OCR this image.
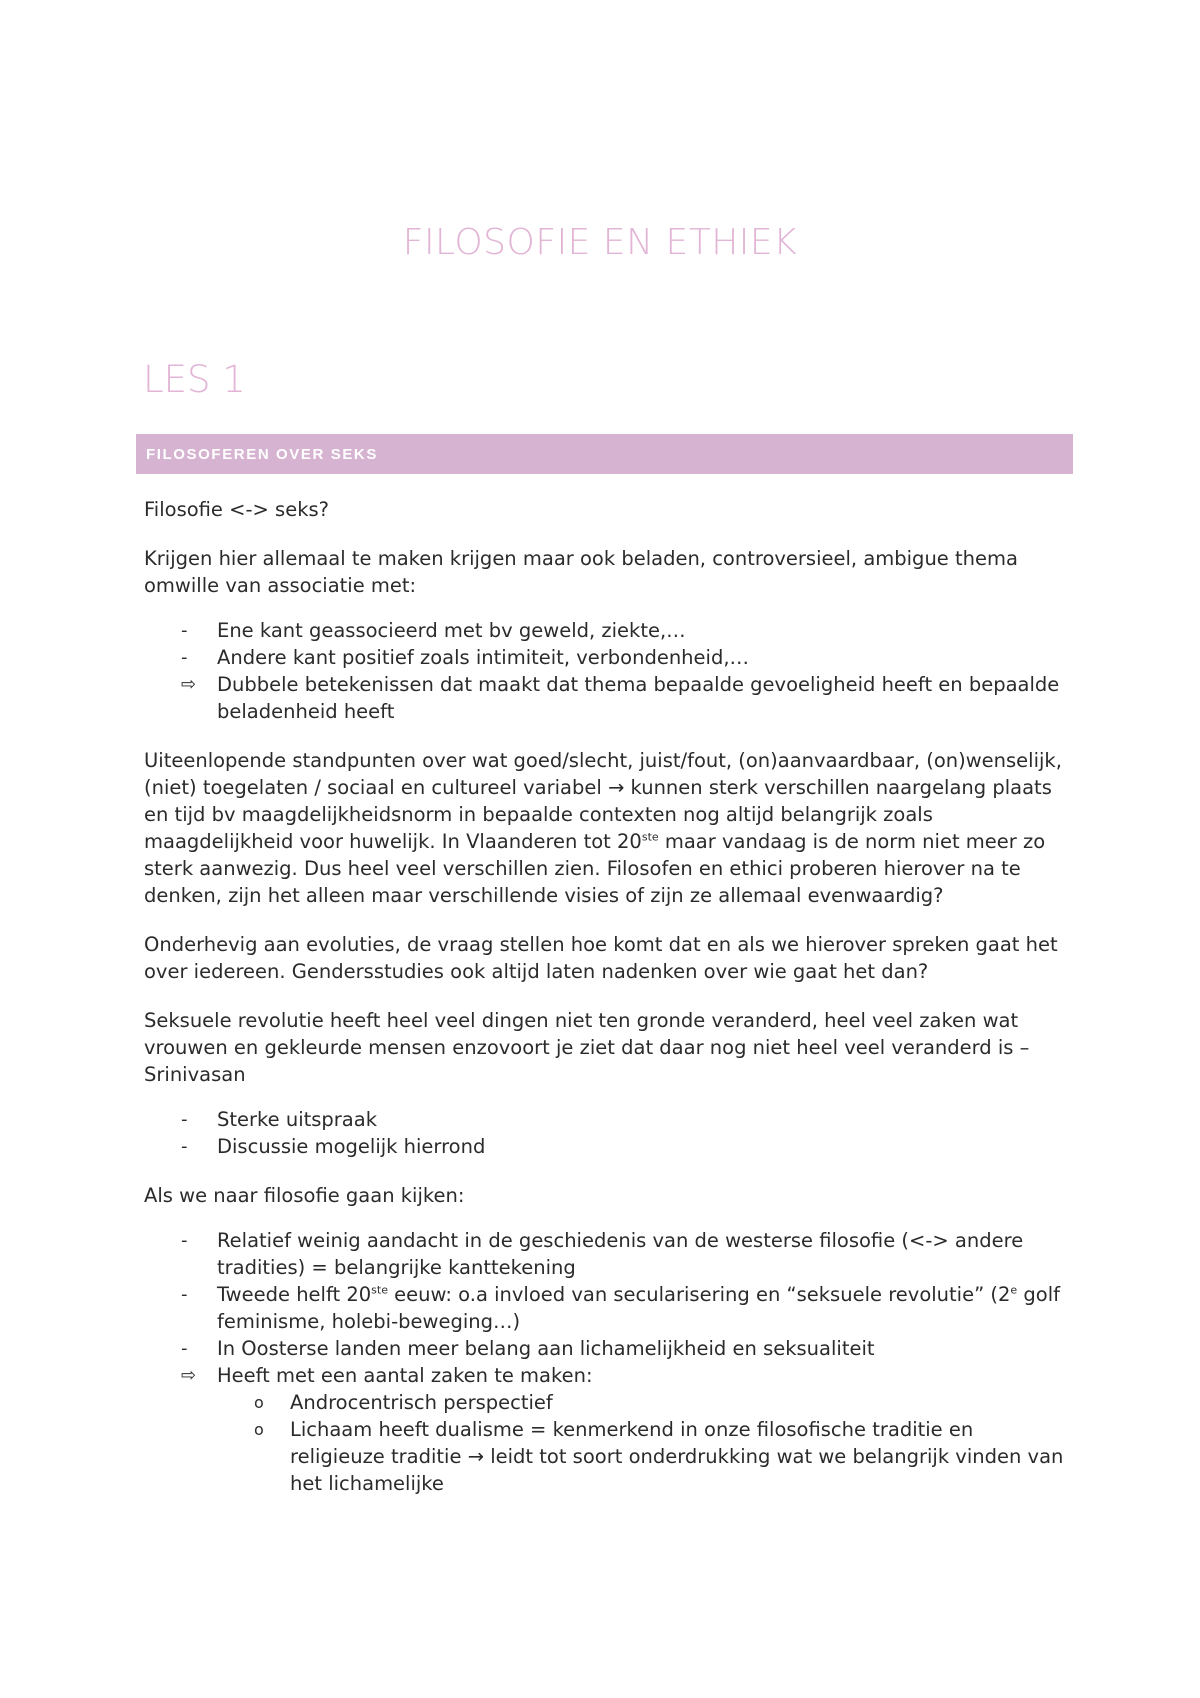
FILOSOFIE EN ETHIEK
LES 1
FILOSOFEREN OVER SEKS

Filosofie <-> seks?

Krijgen hier allemaal te maken krijgen maar ook beladen, controversieel, ambigue thema omwille van associatie met:

-	Ene kant geassocieerd met bv geweld, ziekte,…
-	Andere kant positief zoals intimiteit, verbondenheid,…
⇨	Dubbele betekenissen dat maakt dat thema bepaalde gevoeligheid heeft en bepaalde beladenheid heeft

Uiteenlopende standpunten over wat goed/slecht, juist/fout, (on)aanvaardbaar, (on)wenselijk, (niet) toegelaten / sociaal en cultureel variabel → kunnen sterk verschillen naargelang plaats en tijd bv maagdelijkheidsnorm in bepaalde contexten nog altijd belangrijk zoals maagdelijkheid voor huwelijk. In Vlaanderen tot 20ste maar vandaag is de norm niet meer zo sterk aanwezig. Dus heel veel verschillen zien. Filosofen en ethici proberen hierover na te denken, zijn het alleen maar verschillende visies of zijn ze allemaal evenwaardig?

Onderhevig aan evoluties, de vraag stellen hoe komt dat en als we hierover spreken gaat het over iedereen. Gendersstudies ook altijd laten nadenken over wie gaat het dan?

Seksuele revolutie heeft heel veel dingen niet ten gronde veranderd, heel veel zaken wat vrouwen en gekleurde mensen enzovoort je ziet dat daar nog niet heel veel veranderd is – Srinivasan

-	Sterke uitspraak
-	Discussie mogelijk hierrond

Als we naar filosofie gaan kijken:

-	Relatief weinig aandacht in de geschiedenis van de westerse filosofie (<-> andere tradities) = belangrijke kanttekening
-	Tweede helft 20ste eeuw: o.a invloed van secularisering en “seksuele revolutie” (2e golf feminisme, holebi-beweging…)
-	In Oosterse landen meer belang aan lichamelijkheid en seksualiteit
⇨	Heeft met een aantal zaken te maken:
o	Androcentrisch perspectief
o	Lichaam heeft dualisme = kenmerkend in onze filosofische traditie en religieuze traditie → leidt tot soort onderdrukking wat we belangrijk vinden van het lichamelijke
